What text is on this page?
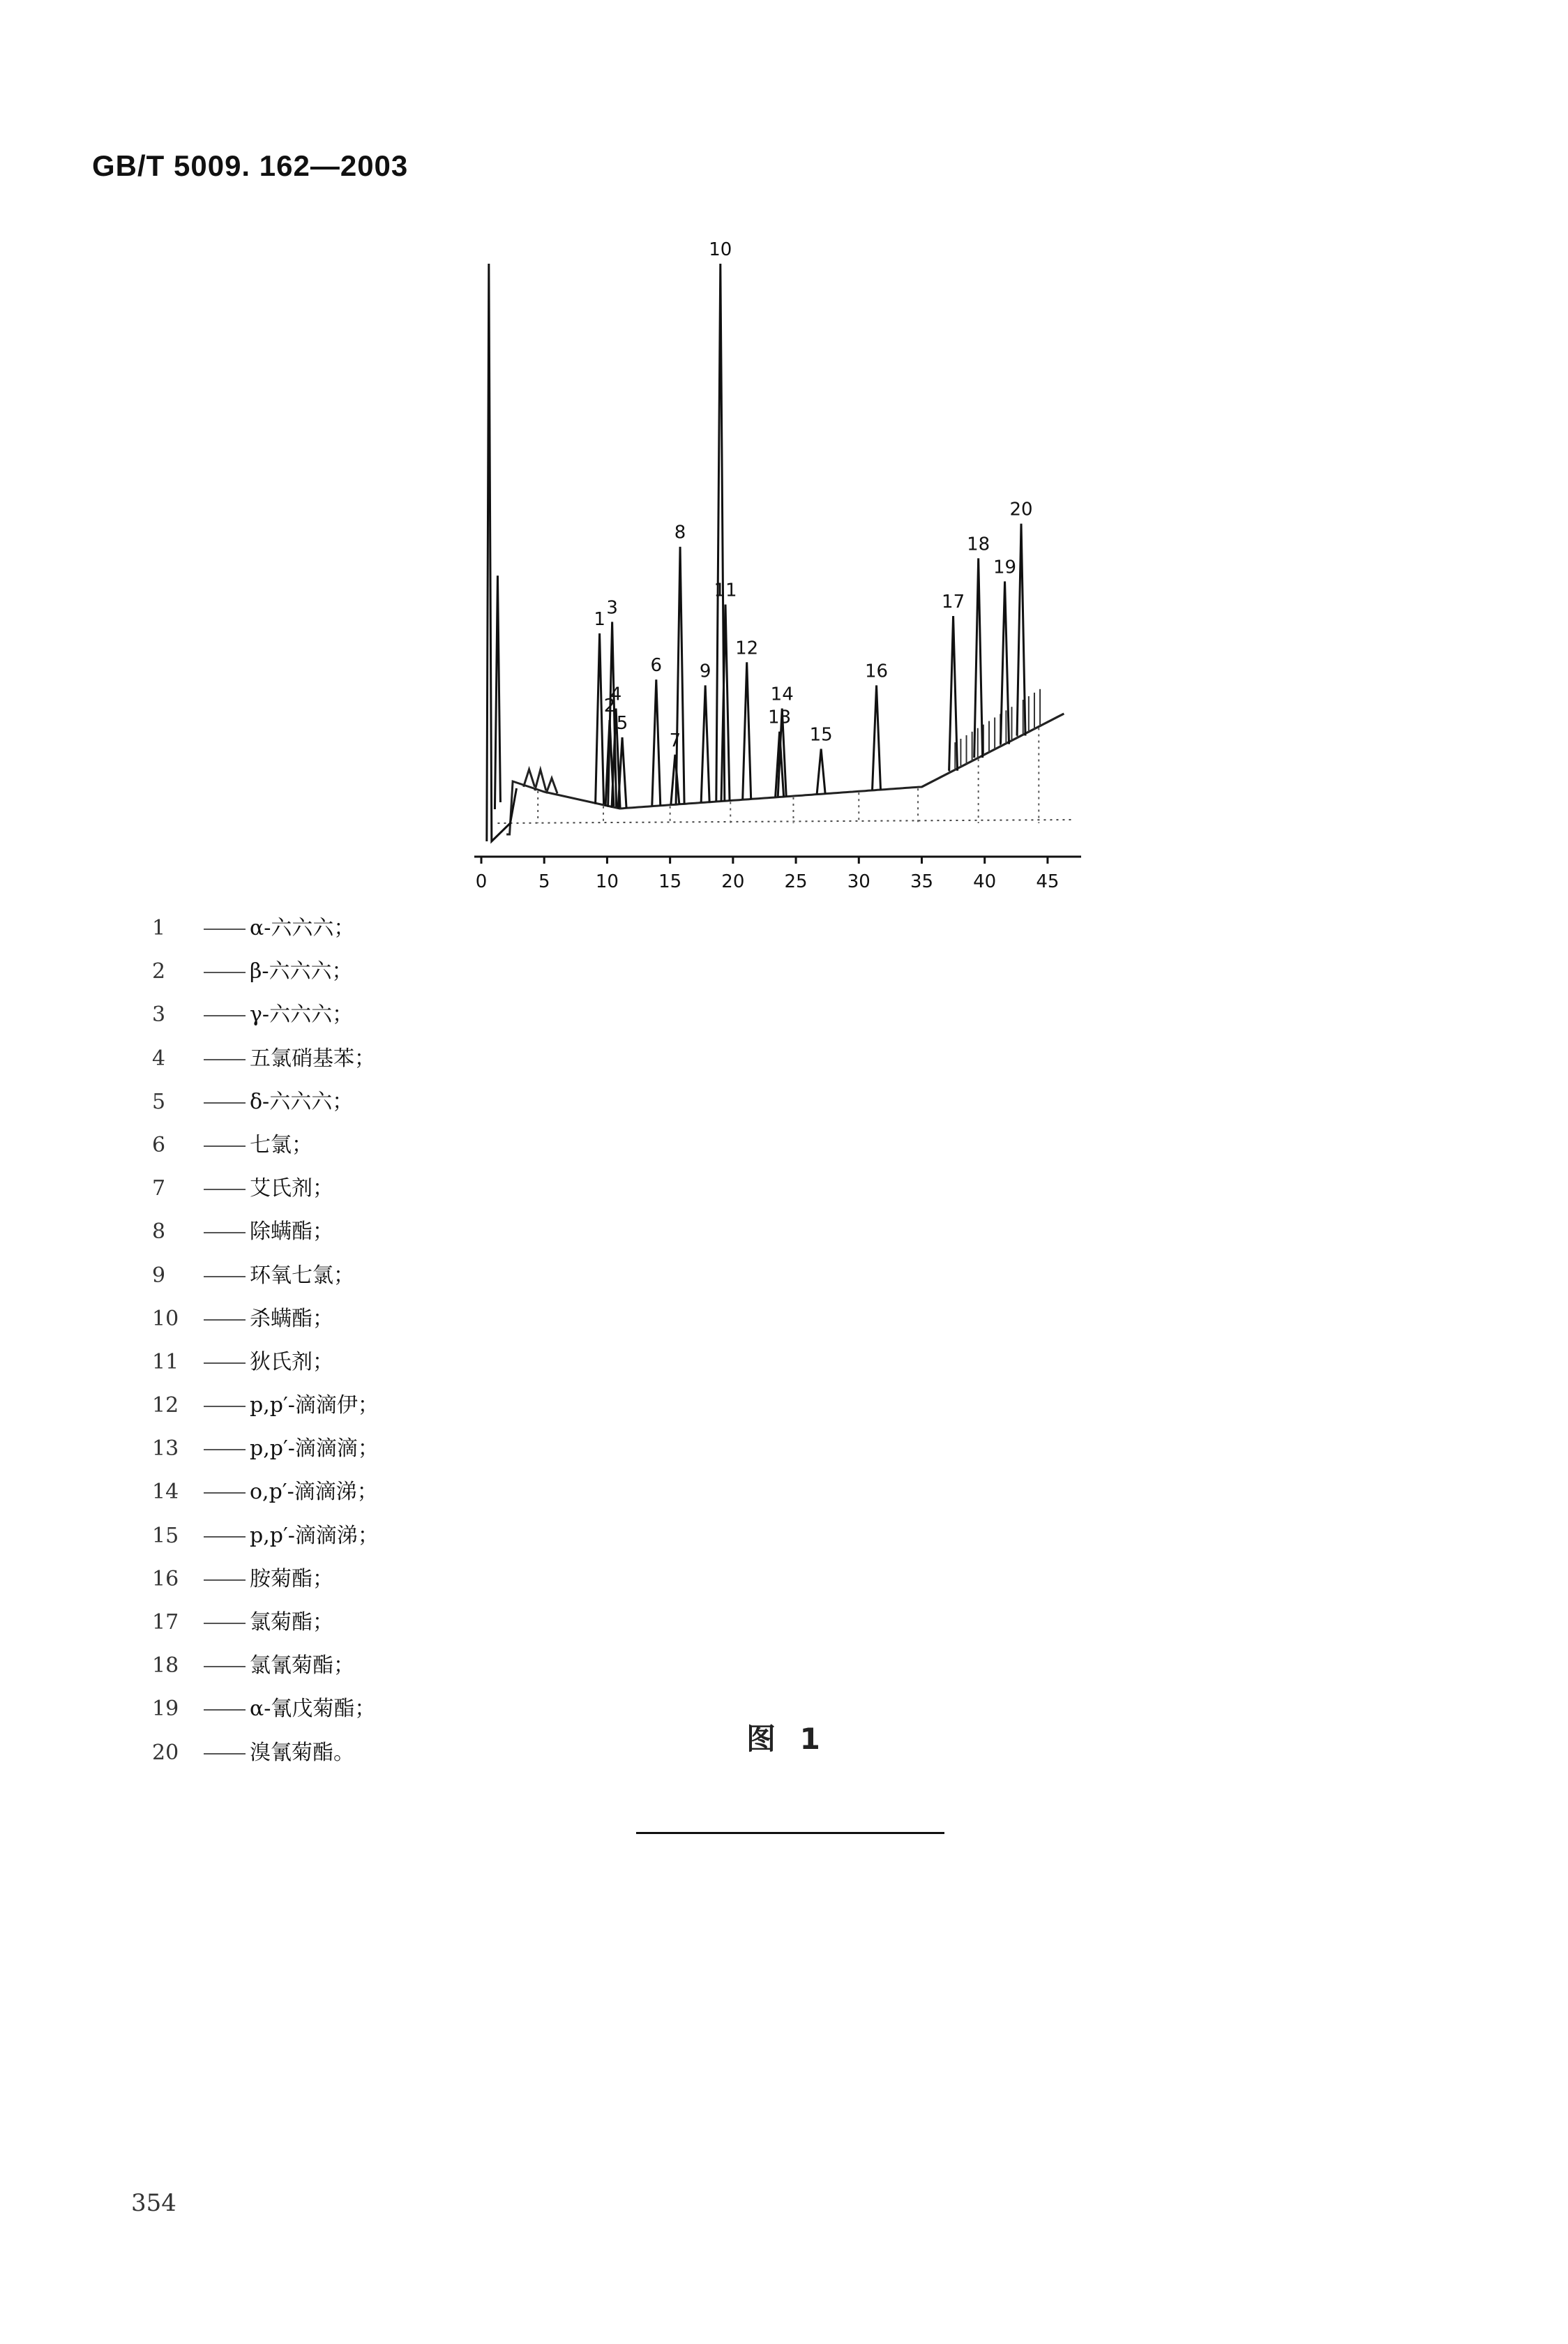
GB/T 5009. 162—2003
1
2
3
4
5
6
7
8
9
10
11
12
13
14
15
16
17
18
19
20
0	5	10 15 20 25 30 35 40 45
1	α-六六六；
2	β-六六六；
3	γ-六六六；
4	五氯硝基苯；
5	δ-六六六；
6	七氯；
7	艾氏剂；
8	除螨酯；
9	环氧七氯；
10	杀螨酯；
11	狄氏剂；
12	p,p′-滴滴伊；
13	p,p′-滴滴滴；
14	o,p′-滴滴涕；
15	p,p′-滴滴涕；
16	胺菊酯；
17	氯菊酯；
18	氯氰菊酯；
19	α-氰戊菊酯；
20	溴氰菊酯。	图 1
354
